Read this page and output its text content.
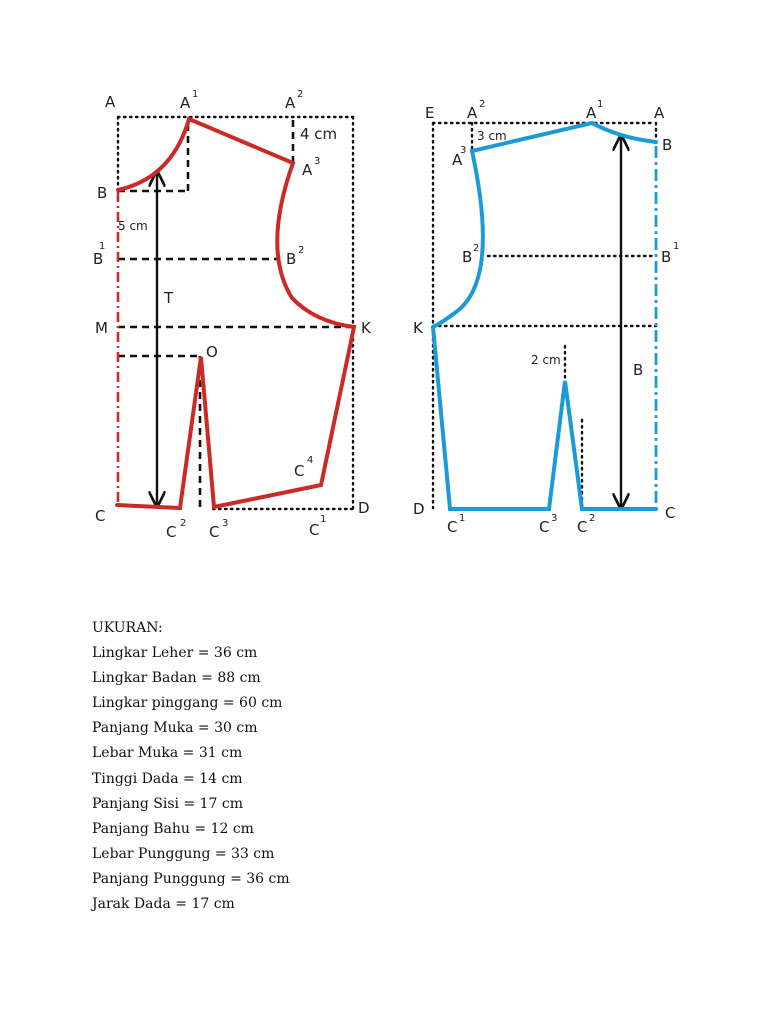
A	A 1	A 2
4 cm
A 3
B
5 cm
B
1
B 2
T
M	K
O
C
4
C
C 2 C 3	C
1
D
E A 2	A 1	A
3 cm
A
3	B
B 2	B
1
K
2 cm
B
D
C 1	C 3 C 2	C
UKURAN:
Lingkar Leher = 36 cm
Lingkar Badan = 88 cm
Lingkar pinggang = 60 cm
Panjang Muka = 30 cm
Lebar Muka = 31 cm
Tinggi Dada = 14 cm
Panjang Sisi = 17 cm
Panjang Bahu = 12 cm
Lebar Punggung = 33 cm
Panjang Punggung = 36 cm
Jarak Dada = 17 cm
